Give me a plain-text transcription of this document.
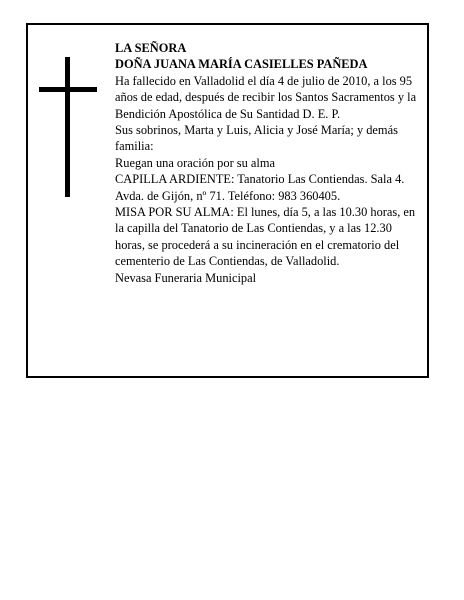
LA SEÑORA

DOÑA JUANA MARÍA CASIELLES PAÑEDA

Ha fallecido en Valladolid el día 4 de julio de 2010, a los 95 años de edad, después de recibir los Santos Sacramentos y la Bendición Apostólica de Su Santidad D. E. P.

Sus sobrinos, Marta y Luis, Alicia y José María; y demás familia:

Ruegan una oración por su alma

CAPILLA ARDIENTE: Tanatorio Las Contiendas. Sala 4. Avda. de Gijón, nº 71. Teléfono: 983 360405.

MISA POR SU ALMA: El lunes, día 5, a las 10.30 horas, en la capilla del Tanatorio de Las Contiendas, y a las 12.30 horas, se procederá a su incineración en el crematorio del cementerio de Las Contiendas, de Valladolid.

Nevasa Funeraria Municipal
